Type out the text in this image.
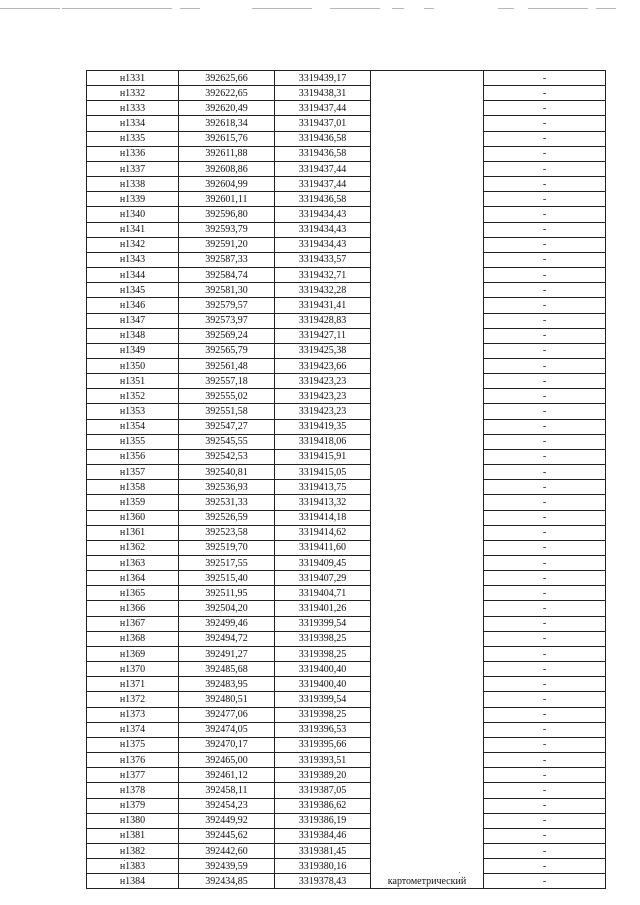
н1331	392625,66	3319439,17		-
н1332	392622,65	3319438,31		-
н1333	392620,49	3319437,44		-
н1334	392618,34	3319437,01		-
н1335	392615,76	3319436,58		-
н1336	392611,88	3319436,58		-
н1337	392608,86	3319437,44		-
н1338	392604,99	3319437,44		-
н1339	392601,11	3319436,58		-
н1340	392596,80	3319434,43		-
н1341	392593,79	3319434,43		-
н1342	392591,20	3319434,43		-
н1343	392587,33	3319433,57		-
н1344	392584,74	3319432,71		-
н1345	392581,30	3319432,28		-
н1346	392579,57	3319431,41		-
н1347	392573,97	3319428,83		-
н1348	392569,24	3319427,11		-
н1349	392565,79	3319425,38		-
н1350	392561,48	3319423,66		-
н1351	392557,18	3319423,23		-
н1352	392555,02	3319423,23		-
н1353	392551,58	3319423,23		-
н1354	392547,27	3319419,35		-
н1355	392545,55	3319418,06		-
н1356	392542,53	3319415,91		-
н1357	392540,81	3319415,05		-
н1358	392536,93	3319413,75		-
н1359	392531,33	3319413,32		-
н1360	392526,59	3319414,18		-
н1361	392523,58	3319414,62		-
н1362	392519,70	3319411,60		-
н1363	392517,55	3319409,45		-
н1364	392515,40	3319407,29		-
н1365	392511,95	3319404,71		-
н1366	392504,20	3319401,26		-
н1367	392499,46	3319399,54		-
н1368	392494,72	3319398,25		-
н1369	392491,27	3319398,25		-
н1370	392485,68	3319400,40		-
н1371	392483,95	3319400,40		-
н1372	392480,51	3319399,54		-
н1373	392477,06	3319398,25		-
н1374	392474,05	3319396,53		-
н1375	392470,17	3319395,66		-
н1376	392465,00	3319393,51		-
н1377	392461,12	3319389,20		-
н1378	392458,11	3319387,05		-
н1379	392454,23	3319386,62		-
н1380	392449,92	3319386,19		-
н1381	392445,62	3319384,46		-
н1382	392442,60	3319381,45		-
н1383	392439,59	3319380,16		-
н1384	392434,85	3319378,43	картометрический	-
